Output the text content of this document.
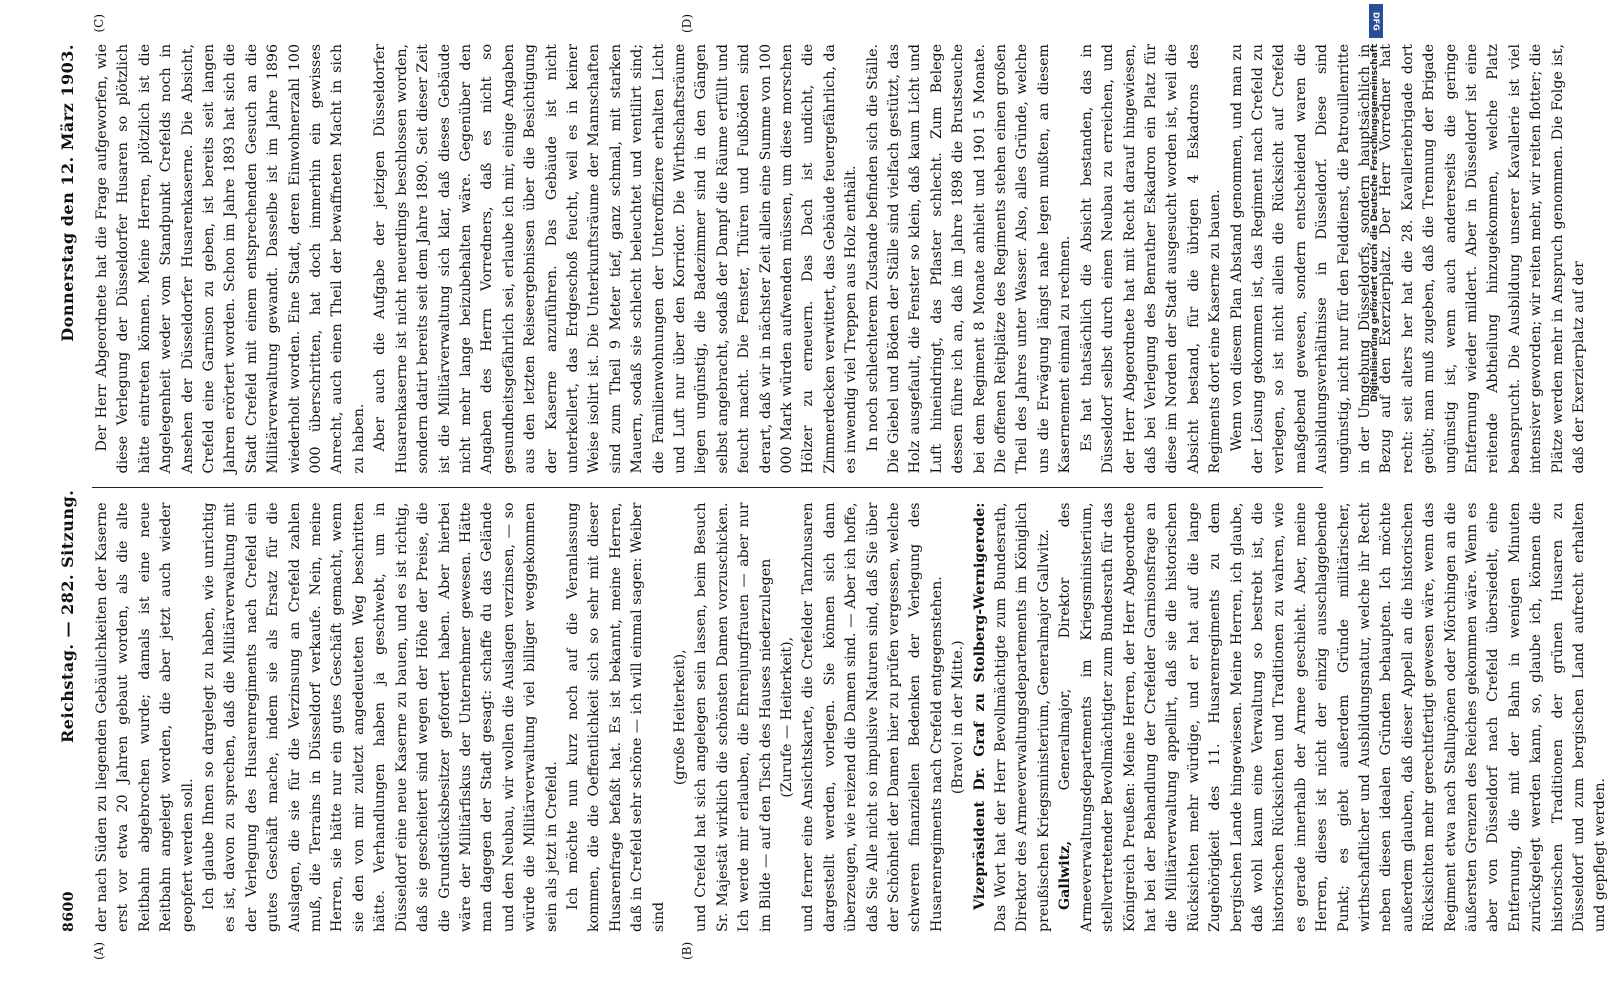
8600
Reichstag. — 282. Sitzung.
Donnerstag den 12. März 1903.
(A)	(B)
(C)	(D)

der nach Süden zu liegenden Gebäulichkeiten der Kaserne erst vor etwa 20 Jahren gebaut worden, als die alte Reitbahn abgebrochen wurde; damals ist eine neue Reitbahn angelegt worden, die aber jetzt auch wieder geopfert werden soll. Ich glaube Ihnen so dargelegt zu haben, wie unrichtig es ist, davon zu sprechen, daß die Militärverwaltung mit der Verlegung des Husarenregiments nach Crefeld ein gutes Geschäft mache, indem sie als Ersatz für die Auslagen, die sie für die Verzinsung an Crefeld zahlen muß, die Terrains in Düsseldorf verkaufe. Nein, meine Herren, sie hätte nur ein gutes Geschäft gemacht, wenn sie den von mir zuletzt angedeuteten Weg beschritten hätte. Verhandlungen haben ja geschwebt, um in Düsseldorf eine neue Kaserne zu bauen, und es ist richtig, daß sie gescheitert sind wegen der Höhe der Preise, die die Grundstücksbesitzer gefordert haben. Aber hierbei wäre der Militärfiskus der Unternehmer gewesen. Hätte man dagegen der Stadt gesagt: schaffe du das Gelände und den Neubau, wir wollen die Auslagen verzinsen, — so würde die Militärverwaltung viel billiger weggekommen sein als jetzt in Crefeld. Ich möchte nun kurz noch auf die Veranlassung kommen, die die Oeffentlichkeit sich so sehr mit dieser Husarenfrage befaßt hat. Es ist bekannt, meine Herren, daß in Crefeld sehr schöne — ich will einmal sagen: Weiber sind

(große Heiterkeit), und Crefeld hat sich angelegen sein lassen, beim Besuch Sr. Majestät wirklich die schönsten Damen vorzuschicken. Ich werde mir erlauben, die Ehrenjungfrauen — aber nur im Bilde — auf den Tisch des Hauses niederzulegen (Zurufe — Heiterkeit), und ferner eine Ansichtskarte, die Crefelder Tanzhusaren dargestellt werden, vorlegen. Sie können sich dann überzeugen, wie reizend die Damen sind. — Aber ich hoffe, daß Sie Alle nicht so impulsive Naturen sind, daß Sie über der Schönheit der Damen hier zu prüfen vergessen, welche schweren finanziellen Bedenken der Verlegung des Husarenregiments nach Crefeld entgegenstehen. (Bravo! in der Mitte.) Vizepräsident Dr. Graf zu Stolberg-Wernigerode: Das Wort hat der Herr Bevollmächtigte zum Bundesrath, Direktor des Armeeverwaltungsdepartements im Königlich preußischen Kriegsministerium, Generalmajor Gallwitz. Gallwitz, Generalmajor, Direktor des Armeeverwaltungsdepartements im Kriegsministerium, stellvertretender Bevollmächtigter zum Bundesrath für das Königreich Preußen: Meine Herren, der Herr Abgeordnete hat bei der Behandlung der Crefelder Garnisonsfrage an die Militärverwaltung appellirt, daß sie die historischen Rücksichten mehr würdige, und er hat auf die lange Zugehörigkeit des 11. Husarenregiments zu dem bergischen Lande hingewiesen. Meine Herren, ich glaube, daß wohl kaum eine Verwaltung so bestrebt ist, die historischen Rücksichten und Traditionen zu wahren, wie es gerade innerhalb der Armee geschieht. Aber, meine Herren, dieses ist nicht der einzig ausschlaggebende Punkt; es giebt außerdem Gründe militärischer, wirthschaftlicher und Ausbildungsnatur, welche ihr Recht neben diesen idealen Gründen behaupten. Ich möchte außerdem glauben, daß dieser Appell an die historischen Rücksichten mehr gerechtfertigt gewesen wäre, wenn das Regiment etwa nach Stallupönen oder Mörchingen an die äußersten Grenzen des Reiches gekommen wäre. Wenn es aber von Düsseldorf nach Crefeld übersiedelt, eine Entfernung, die mit der Bahn in wenigen Minuten zurückgelegt werden kann, so, glaube ich, können die historischen Traditionen der grünen Husaren zu Düsseldorf und zum bergischen Land aufrecht erhalten und gepflegt werden.

Der Herr Abgeordnete hat die Frage aufgeworfen, wie diese Verlegung der Düsseldorfer Husaren so plötzlich hätte eintreten können. Meine Herren, plötzlich ist die Angelegenheit weder vom Standpunkt Crefelds noch in Ansehen der Düsseldorfer Husarenkaserne. Die Absicht, Crefeld eine Garnison zu geben, ist bereits seit langen Jahren erörtert worden. Schon im Jahre 1893 hat sich die Stadt Crefeld mit einem entsprechenden Gesuch an die Militärverwaltung gewandt. Dasselbe ist im Jahre 1896 wiederholt worden. Eine Stadt, deren Einwohnerzahl 100 000 überschritten, hat doch immerhin ein gewisses Anrecht, auch einen Theil der bewaffneten Macht in sich zu haben. Aber auch die Aufgabe der jetzigen Düsseldorfer Husarenkaserne ist nicht neuerdings beschlossen worden, sondern datirt bereits seit dem Jahre 1890. Seit dieser Zeit ist die Militärverwaltung sich klar, daß dieses Gebäude nicht mehr lange beizubehalten wäre. Gegenüber den Angaben des Herrn Vorredners, daß es nicht so gesundheitsgefährlich sei, erlaube ich mir, einige Angaben aus den letzten Reiseergebnissen über die Besichtigung der Kaserne anzuführen. Das Gebäude ist nicht unterkellert, das Erdgeschoß feucht, weil es in keiner Weise isolirt ist. Die Unterkunftsräume der Mannschaften sind zum Theil 9 Meter tief, ganz schmal, mit starken Mauern, sodaß sie schlecht beleuchtet und ventilirt sind; die Familienwohnungen der Unteroffiziere erhalten Licht und Luft nur über den Korridor. Die Wirthschaftsräume liegen ungünstig, die Badezimmer sind in den Gängen selbst angebracht, sodaß der Dampf die Räume erfüllt und feucht macht. Die Fenster, Thüren und Fußböden sind derart, daß wir in nächster Zeit allein eine Summe von 100 000 Mark würden aufwenden müssen, um diese morschen Hölzer zu erneuern. Das Dach ist undicht, die Zimmerdecken verwittert, das Gebäude feuergefährlich, da es inwendig viel Treppen aus Holz enthält. In noch schlechterem Zustande befinden sich die Ställe. Die Giebel und Böden der Ställe sind vielfach gestützt, das Holz ausgefault, die Fenster so klein, daß kaum Licht und Luft hineindringt, das Pflaster schlecht. Zum Belege dessen führe ich an, daß im Jahre 1898 die Brustseuche bei dem Regiment 8 Monate anhielt und 1901 5 Monate. Die offenen Reitplätze des Regiments stehen einen großen Theil des Jahres unter Wasser. Also, alles Gründe, welche uns die Erwägung längst nahe legen mußten, an diesem Kasernement einmal zu rechnen. Es hat thatsächlich die Absicht bestanden, das in Düsseldorf selbst durch einen Neubau zu erreichen, und der Herr Abgeordnete hat mit Recht darauf hingewiesen, daß bei Verlegung des Benrather Eskadron ein Platz für diese im Norden der Stadt ausgesucht worden ist, weil die Absicht bestand, für die übrigen 4 Eskadrons des Regiments dort eine Kaserne zu bauen. Wenn von diesem Plan Abstand genommen, und man zu der Lösung gekommen ist, das Regiment nach Crefeld zu verlegen, so ist nicht allein die Rücksicht auf Crefeld maßgebend gewesen, sondern entscheidend waren die Ausbildungsverhältnisse in Düsseldorf. Diese sind ungünstig, nicht nur für den Felddienst, die Patrouillenritte in der Umgebung Düsseldorfs, sondern hauptsächlich in Bezug auf den Exerzierplatz. Der Herr Vorredner hat recht: seit alters her hat die 28. Kavalleriebrigade dort geübt; man muß zugeben, daß die Trennung der Brigade ungünstig ist, wenn auch andererseits die geringe Entfernung wieder mildert. Aber in Düsseldorf ist eine reitende Abtheilung hinzugekommen, welche Platz beansprucht. Die Ausbildung unserer Kavallerie ist viel intensiver geworden; wir reiten mehr, wir reiten flotter; die Plätze werden mehr in Anspruch genommen. Die Folge ist, daß der Exerzierplatz auf der

DFG
Digitalisierung gefördert durch die Deutsche Forschungsgemeinschaft
